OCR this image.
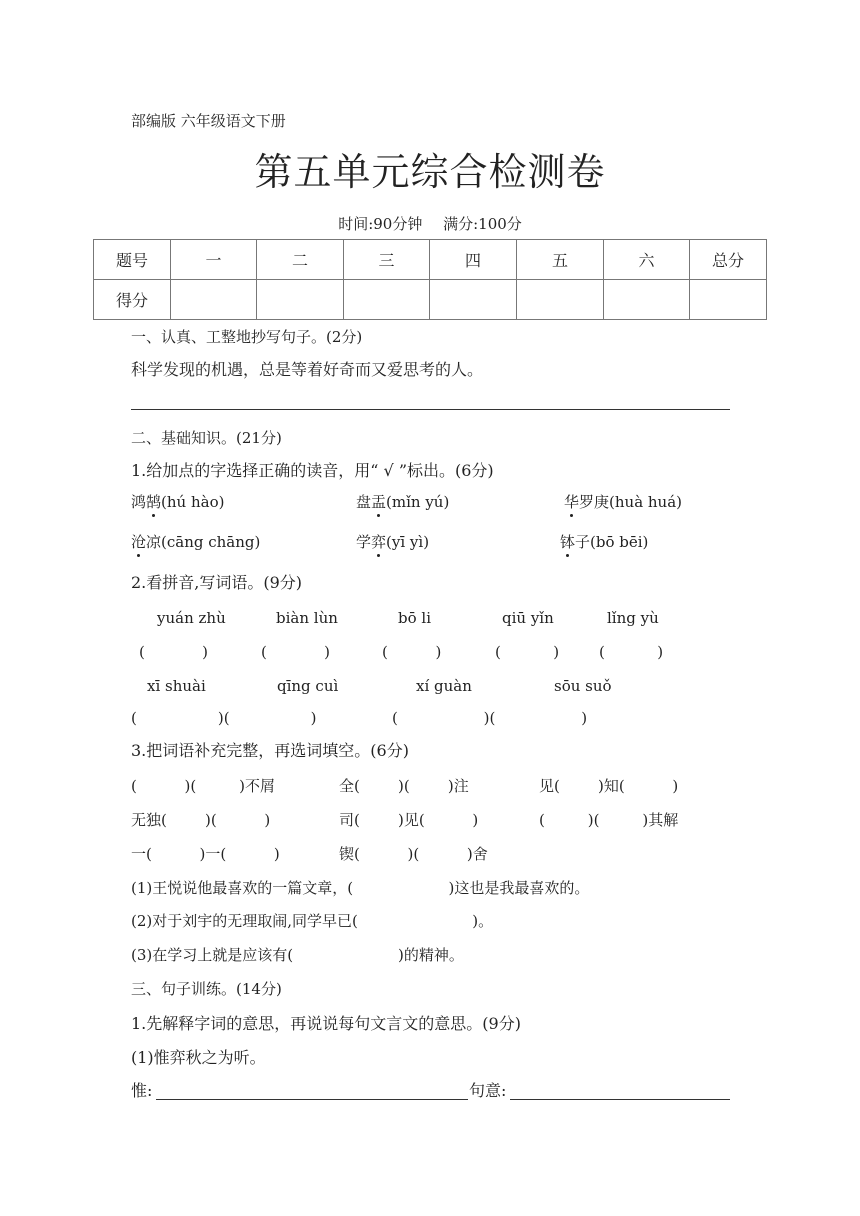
部编版 六年级语文下册
第五单元综合检测卷
时间:90分钟 满分:100分
题号	一	二	三	四	五	六	总分
得分							
一、认真、工整地抄写句子。(2分)
科学发现的机遇，总是等着好奇而又爱思考的人。
二、基础知识。(21分)
1.给加点的字选择正确的读音，用“ √ ”标出。(6分)
鸿鹄(hú hào)	盘盂(mǐn yú)	华罗庚(huà huá)
沧凉(cāng chāng)	学弈(yī yì)	钵子(bō bēi)
2.看拼音,写词语。(9分)
yuán zhù	biàn lùn	bō li	qiū yǐn	lǐng yù
(            )	(            )	(          )	(           )	(           )
xī shuài	qīng cuì	xí guàn	sōu suǒ
(                 )(                 )	(                  )(                  )
3.把词语补充完整，再选词填空。(6分)
(          )(         )不屑	全(        )(        )注	见(        )知(          )
无独(        )(          )	司(        )见(          )	(         )(         )其解
一(          )一(          )	锲(          )(          )舍
(1)王悦说他最喜欢的一篇文章，(                    )这也是我最喜欢的。
(2)对于刘宇的无理取闹,同学早已(                        )。
(3)在学习上就是应该有(                      )的精神。
三、句子训练。(14分)
1.先解释字词的意思，再说说每句文言文的意思。(9分)
(1)惟弈秋之为听。
惟:	句意:
